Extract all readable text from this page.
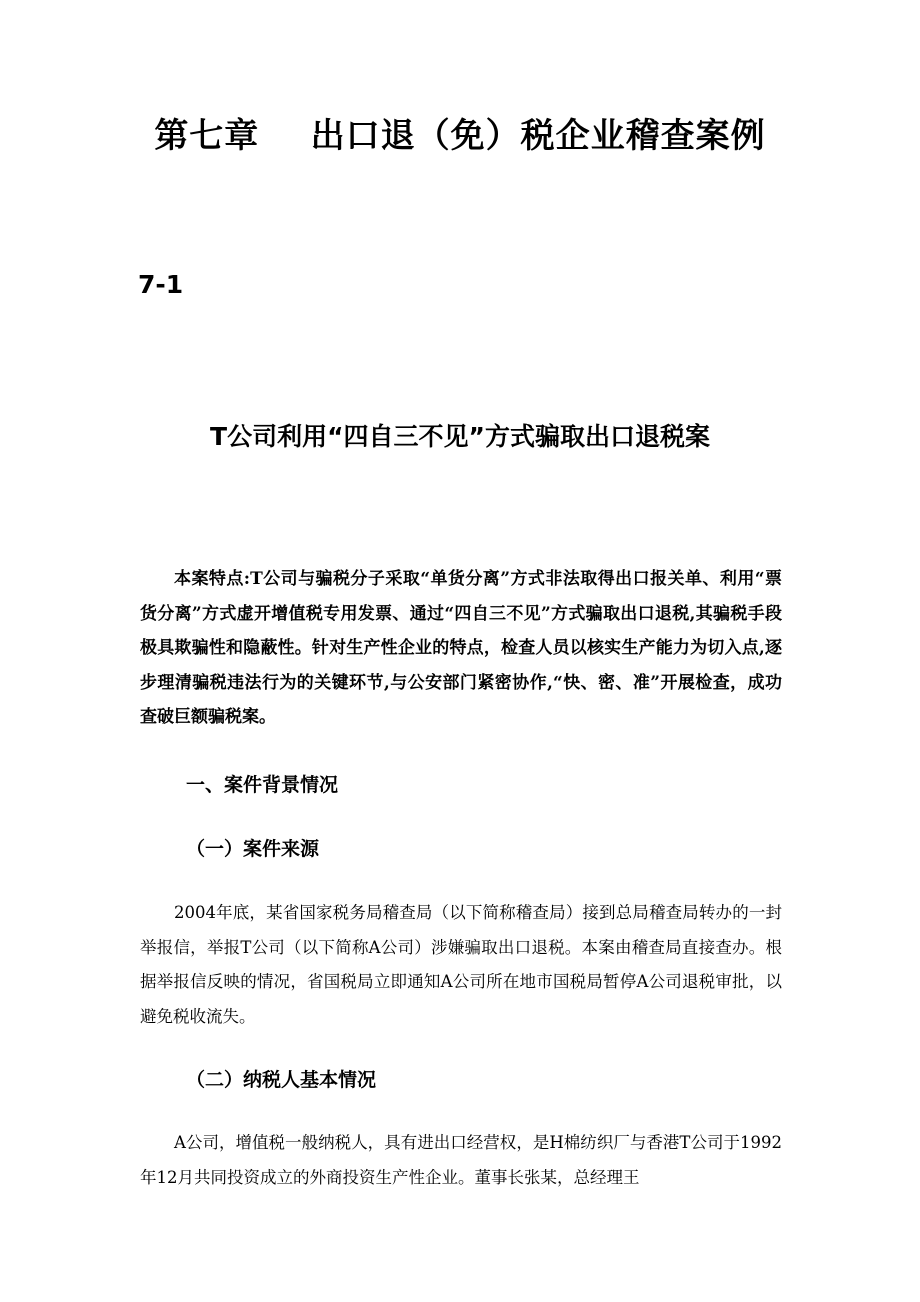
第七章    出口退（免）税企业稽查案例
7-1
T公司利用“四自三不见”方式骗取出口退税案
本案特点:T公司与骗税分子采取“单货分离”方式非法取得出口报关单、利用“票货分离”方式虚开增值税专用发票、通过“四自三不见”方式骗取出口退税,其骗税手段极具欺骗性和隐蔽性。针对生产性企业的特点，检查人员以核实生产能力为切入点,逐步理清骗税违法行为的关键环节,与公安部门紧密协作,“快、密、准”开展检查，成功查破巨额骗税案。
一、案件背景情况
（一）案件来源
2004年底，某省国家税务局稽查局（以下简称稽查局）接到总局稽查局转办的一封举报信，举报T公司（以下简称A公司）涉嫌骗取出口退税。本案由稽查局直接查办。根据举报信反映的情况，省国税局立即通知A公司所在地市国税局暂停A公司退税审批，以避免税收流失。
（二）纳税人基本情况
A公司，增值税一般纳税人，具有进出口经营权，是H棉纺织厂与香港T公司于1992年12月共同投资成立的外商投资生产性企业。董事长张某，总经理王
